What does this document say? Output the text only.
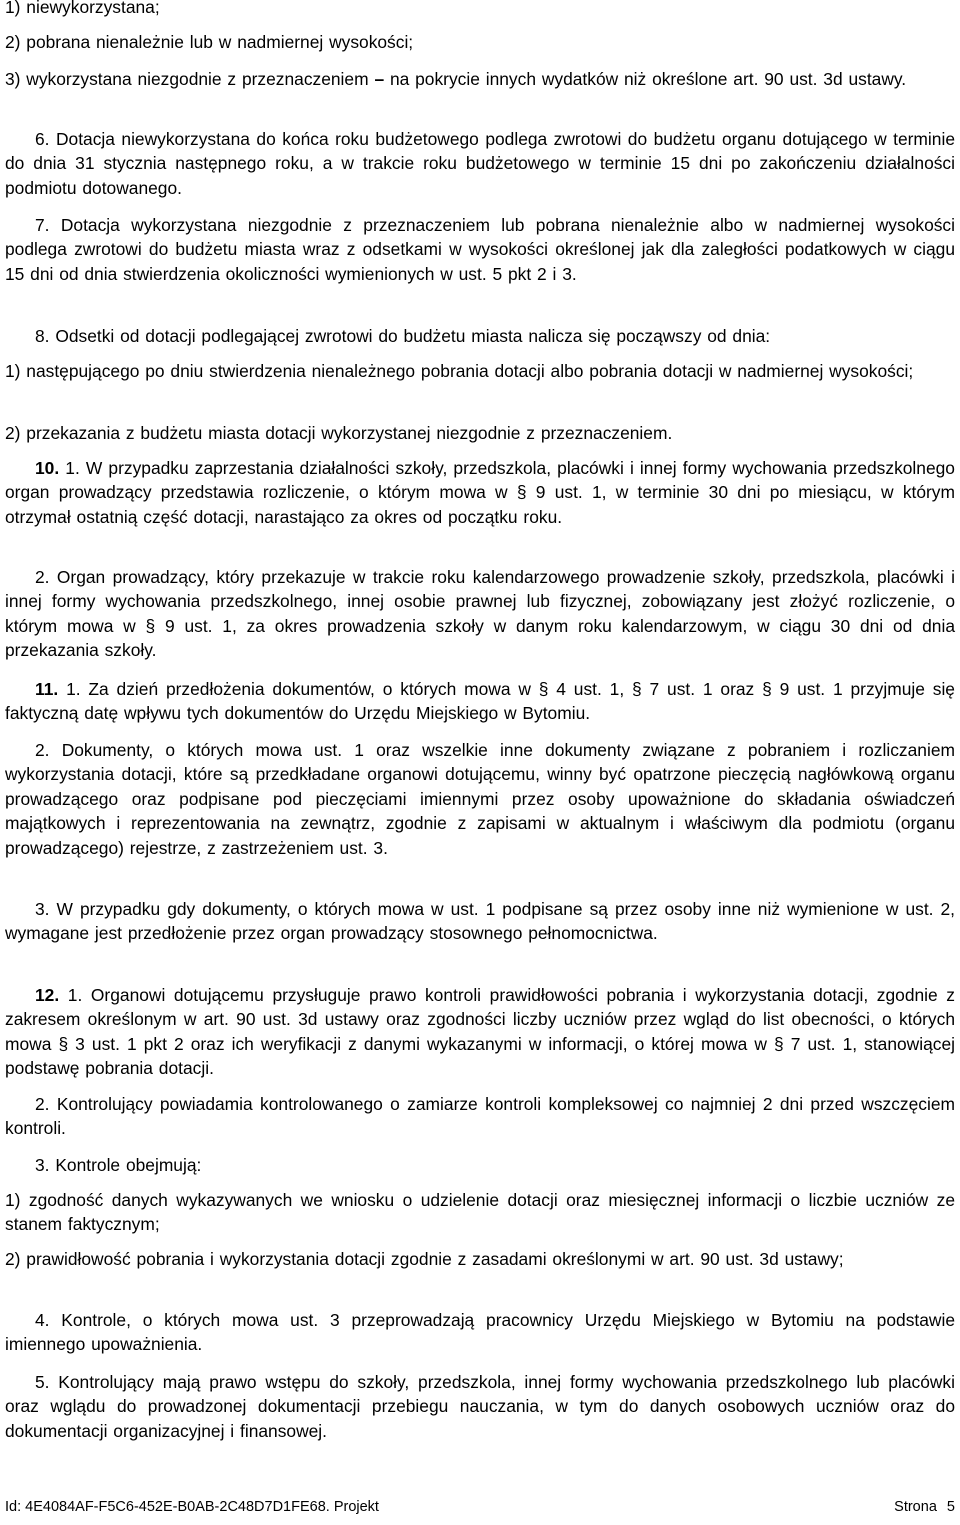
1) niewykorzystana;

2) pobrana nienależnie lub w nadmiernej wysokości;

3) wykorzystana niezgodnie z przeznaczeniem – na pokrycie innych wydatków niż określone art. 90 ust. 3d ustawy.

6. Dotacja niewykorzystana do końca roku budżetowego podlega zwrotowi do budżetu organu dotującego w terminie do dnia 31 stycznia następnego roku, a w trakcie roku budżetowego w terminie 15 dni po zakończeniu działalności podmiotu dotowanego.

7. Dotacja wykorzystana niezgodnie z przeznaczeniem lub pobrana nienależnie albo w nadmiernej wysokości podlega zwrotowi do budżetu miasta wraz z odsetkami w wysokości określonej jak dla zaległości podatkowych w ciągu 15 dni od dnia stwierdzenia okoliczności wymienionych w ust. 5 pkt 2 i 3.

8. Odsetki od dotacji podlegającej zwrotowi do budżetu miasta nalicza się począwszy od dnia:

1) następującego po dniu stwierdzenia nienależnego pobrania dotacji albo pobrania dotacji w nadmiernej wysokości;

2) przekazania z budżetu miasta dotacji wykorzystanej niezgodnie z przeznaczeniem.

10. 1. W przypadku zaprzestania działalności szkoły, przedszkola, placówki i innej formy wychowania przedszkolnego organ prowadzący przedstawia rozliczenie, o którym mowa w § 9 ust. 1, w terminie 30 dni po miesiącu, w którym otrzymał ostatnią część dotacji, narastająco za okres od początku roku.

2. Organ prowadzący, który przekazuje w trakcie roku kalendarzowego prowadzenie szkoły, przedszkola, placówki i innej formy wychowania przedszkolnego, innej osobie prawnej lub fizycznej, zobowiązany jest złożyć rozliczenie, o którym mowa w § 9 ust. 1, za okres prowadzenia szkoły w danym roku kalendarzowym, w ciągu 30 dni od dnia przekazania szkoły.

11. 1. Za dzień przedłożenia dokumentów, o których mowa w § 4 ust. 1, § 7 ust. 1 oraz § 9 ust. 1 przyjmuje się faktyczną datę wpływu tych dokumentów do Urzędu Miejskiego w Bytomiu.

2. Dokumenty, o których mowa ust. 1 oraz wszelkie inne dokumenty związane z pobraniem i rozliczaniem wykorzystania dotacji, które są przedkładane organowi dotującemu, winny być opatrzone pieczęcią nagłówkową organu prowadzącego oraz podpisane pod pieczęciami imiennymi przez osoby upoważnione do składania oświadczeń majątkowych i reprezentowania na zewnątrz, zgodnie z zapisami w aktualnym i właściwym dla podmiotu (organu prowadzącego) rejestrze, z zastrzeżeniem ust. 3.

3. W przypadku gdy dokumenty, o których mowa w ust. 1 podpisane są przez osoby inne niż wymienione w ust. 2, wymagane jest przedłożenie przez organ prowadzący stosownego pełnomocnictwa.

12. 1. Organowi dotującemu przysługuje prawo kontroli prawidłowości pobrania i wykorzystania dotacji, zgodnie z zakresem określonym w art. 90 ust. 3d ustawy oraz zgodności liczby uczniów przez wgląd do list obecności, o których mowa § 3 ust. 1 pkt 2 oraz ich weryfikacji z danymi wykazanymi w informacji, o której mowa w § 7 ust. 1, stanowiącej podstawę pobrania dotacji.

2. Kontrolujący powiadamia kontrolowanego o zamiarze kontroli kompleksowej co najmniej 2 dni przed wszczęciem kontroli.

3. Kontrole obejmują:

1) zgodność danych wykazywanych we wniosku o udzielenie dotacji oraz miesięcznej informacji o liczbie uczniów ze stanem faktycznym;

2) prawidłowość pobrania i wykorzystania dotacji zgodnie z zasadami określonymi w art. 90 ust. 3d ustawy;

4. Kontrole, o których mowa ust. 3 przeprowadzają pracownicy Urzędu Miejskiego w Bytomiu na podstawie imiennego upoważnienia.

5. Kontrolujący mają prawo wstępu do szkoły, przedszkola, innej formy wychowania przedszkolnego lub placówki oraz wglądu do prowadzonej dokumentacji przebiegu nauczania, w tym do danych osobowych uczniów oraz do dokumentacji organizacyjnej i finansowej.

Id: 4E4084AF-F5C6-452E-B0AB-2C48D7D1FE68. Projekt	Strona 5
